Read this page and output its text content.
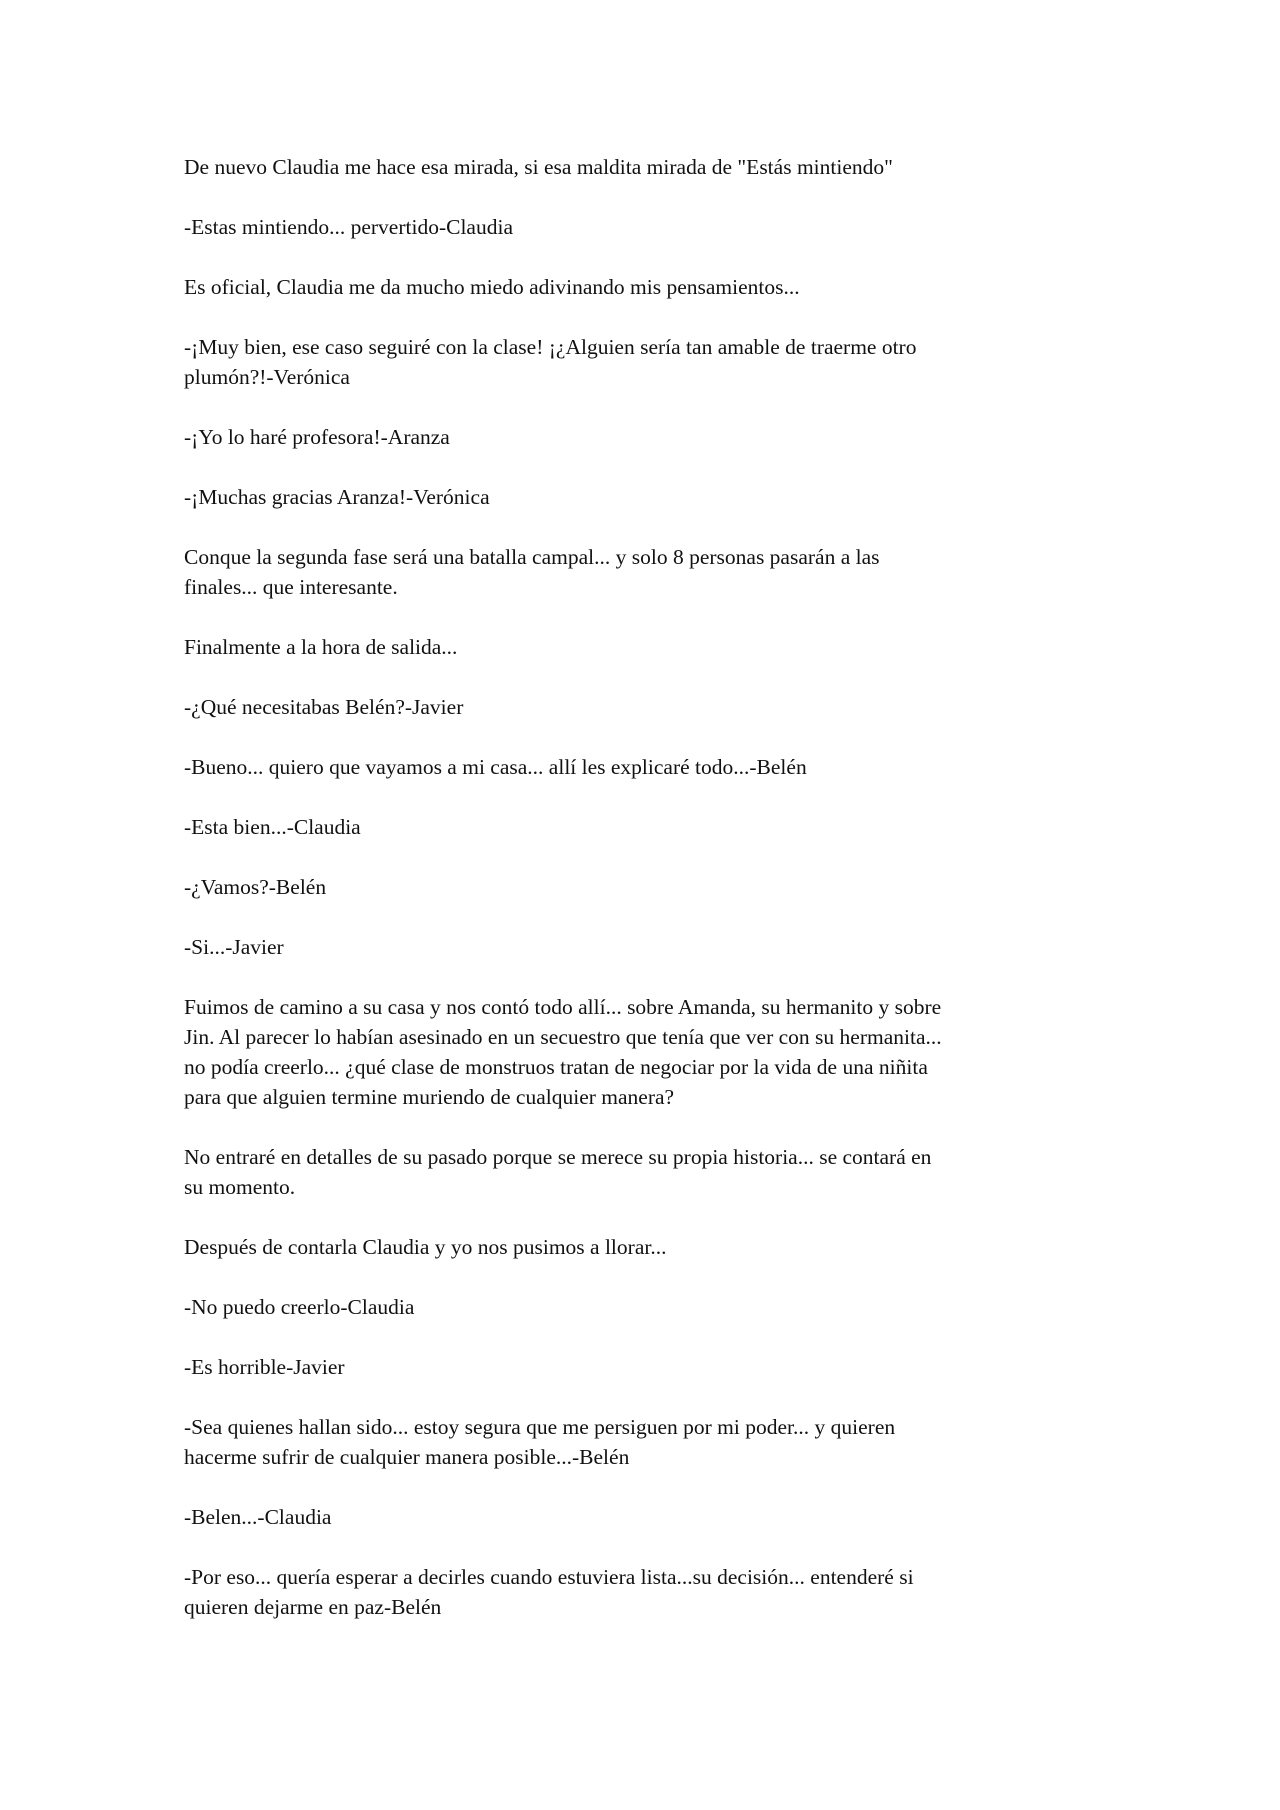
De nuevo Claudia me hace esa mirada, si esa maldita mirada de "Estás mintiendo"

-Estas mintiendo... pervertido-Claudia

Es oficial, Claudia me da mucho miedo adivinando mis pensamientos...

-¡Muy bien, ese caso seguiré con la clase! ¡¿Alguien sería tan amable de traerme otro
plumón?!-Verónica

-¡Yo lo haré profesora!-Aranza

-¡Muchas gracias Aranza!-Verónica

Conque la segunda fase será una batalla campal... y solo 8 personas pasarán a las
finales... que interesante.

Finalmente a la hora de salida...

-¿Qué necesitabas Belén?-Javier

-Bueno... quiero que vayamos a mi casa... allí les explicaré todo...-Belén

-Esta bien...-Claudia

-¿Vamos?-Belén

-Si...-Javier

Fuimos de camino a su casa y nos contó todo allí... sobre Amanda, su hermanito y sobre
Jin. Al parecer lo habían asesinado en un secuestro que tenía que ver con su hermanita...
no podía creerlo... ¿qué clase de monstruos tratan de negociar por la vida de una niñita
para que alguien termine muriendo de cualquier manera?

No entraré en detalles de su pasado porque se merece su propia historia... se contará en
su momento.

Después de contarla Claudia y yo nos pusimos a llorar...

-No puedo creerlo-Claudia

-Es horrible-Javier

-Sea quienes hallan sido... estoy segura que me persiguen por mi poder... y quieren
hacerme sufrir de cualquier manera posible...-Belén

-Belen...-Claudia

-Por eso... quería esperar a decirles cuando estuviera lista...su decisión... entenderé si
quieren dejarme en paz-Belén
